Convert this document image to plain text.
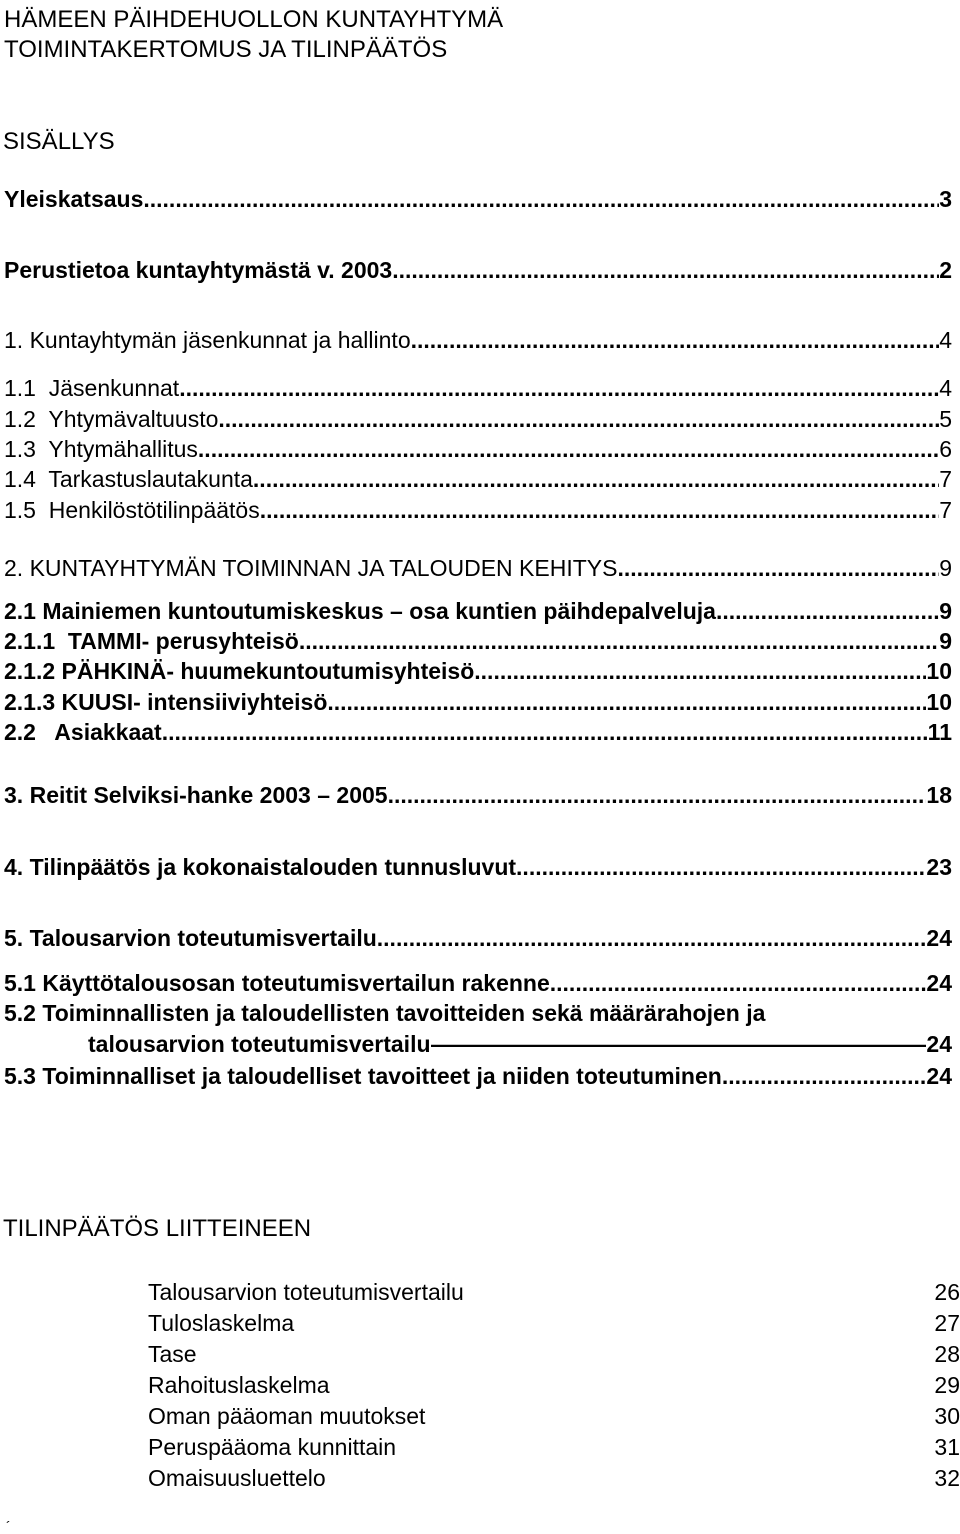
HÄMEEN PÄIHDEHUOLLON KUNTAYHTYMÄ
TOIMINTAKERTOMUS JA TILINPÄÄTÖS
SISÄLLYS
Yleiskatsaus .....	3
Perustietoa kuntayhtymästä v. 2003 .....	2
1. Kuntayhtymän jäsenkunnat ja hallinto .....	4
1.1 Jäsenkunnat .....	4
1.2 Yhtymävaltuusto .....	5
1.3 Yhtymähallitus .....	6
1.4 Tarkastuslautakunta .....	7
1.5 Henkilöstötilinpäätös .....	7
2. KUNTAYHTYMÄN TOIMINNAN JA TALOUDEN KEHITYS .....	9
2.1 Mainiemen kuntoutumiskeskus – osa kuntien päihdepalveluja .....	9
2.1.1 TAMMI- perusyhteisö .....	9
2.1.2 PÄHKINÄ- huumekuntoutumisyhteisö .....	10
2.1.3 KUUSI- intensiiviyhteisö .....	10
2.2 Asiakkaat .....	11
3. Reitit Selviksi-hanke 2003 – 2005 .....	18
4. Tilinpäätös ja kokonaistalouden tunnusluvut .....	23
5. Talousarvion toteutumisvertailu .....	24
5.1 Käyttötalousosan toteutumisvertailun rakenne .....	24
5.2 Toiminnallisten ja taloudellisten tavoitteiden sekä määrärahojen ja
talousarvion toteutumisvertailu —————	24
5.3 Toiminnalliset ja taloudelliset tavoitteet ja niiden toteutuminen .....	24
TILINPÄÄTÖS LIITTEINEEN
Talousarvion toteutumisvertailu	26
Tuloslaskelma	27
Tase	28
Rahoituslaskelma	29
Oman pääoman muutokset	30
Peruspääoma kunnittain	31
Omaisuusluettelo	32
´
